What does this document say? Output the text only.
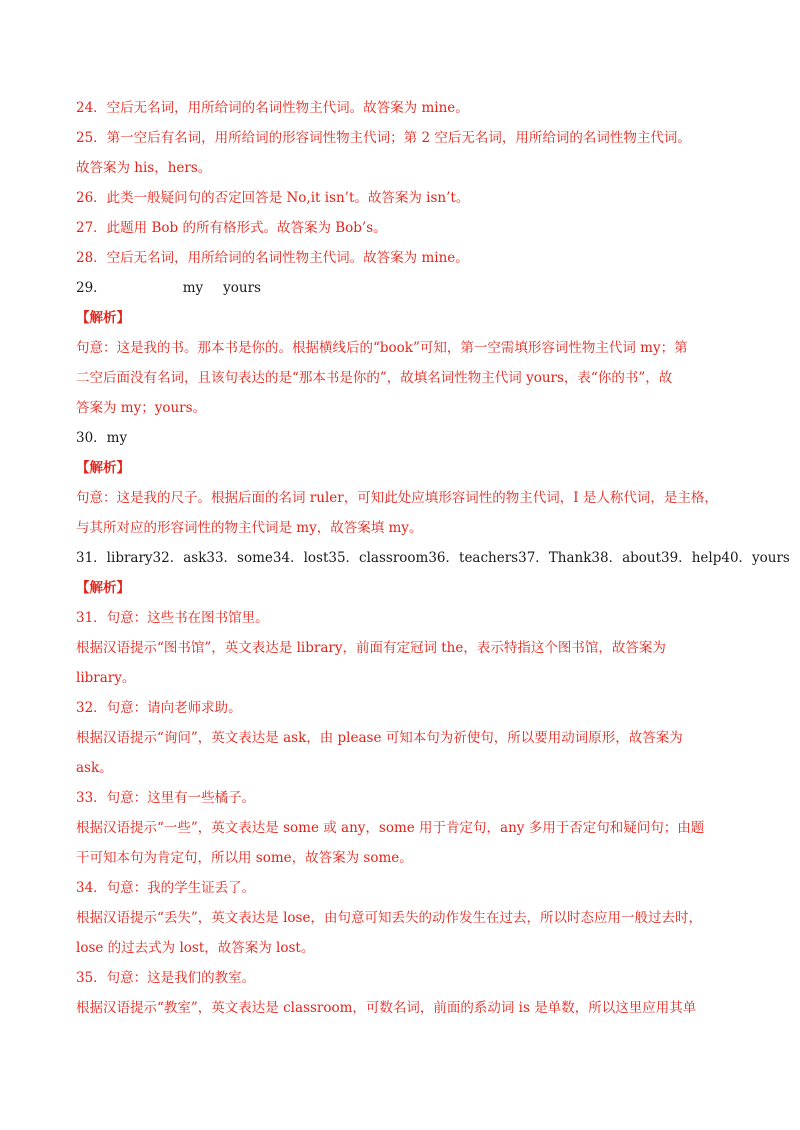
24．空后无名词，用所给词的名词性物主代词。故答案为 mine。
25．第一空后有名词，用所给词的形容词性物主代词；第 2 空后无名词，用所给词的名词性物主代词。
故答案为 his，hers。
26．此类一般疑问句的否定回答是 No,it isn’t。故答案为 isn’t。
27．此题用 Bob 的所有格形式。故答案为 Bob’s。
28．空后无名词，用所给词的名词性物主代词。故答案为 mine。
29．	my yours
【解析】
句意：这是我的书。那本书是你的。根据横线后的“book”可知，第一空需填形容词性物主代词 my；第
二空后面没有名词，且该句表达的是“那本书是你的”，故填名词性物主代词 yours，表“你的书”，故
答案为 my；yours。
30．my
【解析】
句意：这是我的尺子。根据后面的名词 ruler，可知此处应填形容词性的物主代词，I 是人称代词，是主格，
与其所对应的形容词性的物主代词是 my，故答案填 my。
31．library32．ask33．some34．lost35．classroom36．teachers37．Thank38．about39．help40．yours
【解析】
31．句意：这些书在图书馆里。
根据汉语提示“图书馆”，英文表达是 library，前面有定冠词 the，表示特指这个图书馆，故答案为
library。
32．句意：请向老师求助。
根据汉语提示“询问”，英文表达是 ask，由 please 可知本句为祈使句，所以要用动词原形，故答案为
ask。
33．句意：这里有一些橘子。
根据汉语提示“一些”，英文表达是 some 或 any，some 用于肯定句，any 多用于否定句和疑问句；由题
干可知本句为肯定句，所以用 some，故答案为 some。
34．句意：我的学生证丢了。
根据汉语提示“丢失”，英文表达是 lose，由句意可知丢失的动作发生在过去，所以时态应用一般过去时，
lose 的过去式为 lost，故答案为 lost。
35．句意：这是我们的教室。
根据汉语提示“教室”，英文表达是 classroom，可数名词，前面的系动词 is 是单数，所以这里应用其单
